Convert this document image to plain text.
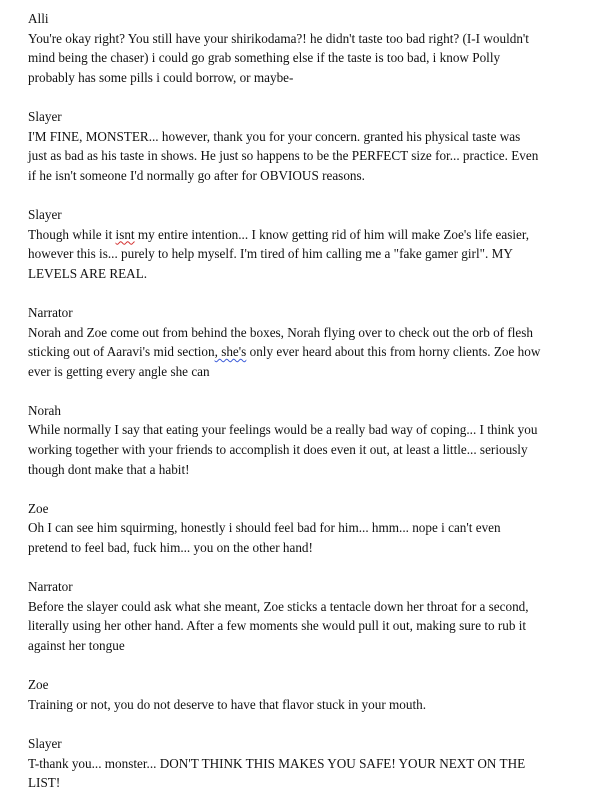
Alli
You're okay right? You still have your shirikodama?! he didn't taste too bad right? (I-I wouldn't
mind being the chaser) i could go grab something else if the taste is too bad, i know Polly
probably has some pills i could borrow, or maybe-
Slayer
I'M FINE, MONSTER... however, thank you for your concern. granted his physical taste was
just as bad as his taste in shows. He just so happens to be the PERFECT size for... practice. Even
if he isn't someone I'd normally go after for OBVIOUS reasons.
Slayer
Though while it isnt my entire intention... I know getting rid of him will make Zoe's life easier,
however this is... purely to help myself. I'm tired of him calling me a "fake gamer girl". MY
LEVELS ARE REAL.
Narrator
Norah and Zoe come out from behind the boxes, Norah flying over to check out the orb of flesh
sticking out of Aaravi's mid section, she's only ever heard about this from horny clients. Zoe how
ever is getting every angle she can
Norah
While normally I say that eating your feelings would be a really bad way of coping... I think you
working together with your friends to accomplish it does even it out, at least a little... seriously
though dont make that a habit!
Zoe
Oh I can see him squirming, honestly i should feel bad for him... hmm... nope i can't even
pretend to feel bad, fuck him... you on the other hand!
Narrator
Before the slayer could ask what she meant, Zoe sticks a tentacle down her throat for a second,
literally using her other hand. After a few moments she would pull it out, making sure to rub it
against her tongue
Zoe
Training or not, you do not deserve to have that flavor stuck in your mouth.
Slayer
T-thank you... monster... DON'T THINK THIS MAKES YOU SAFE! YOUR NEXT ON THE
LIST!
